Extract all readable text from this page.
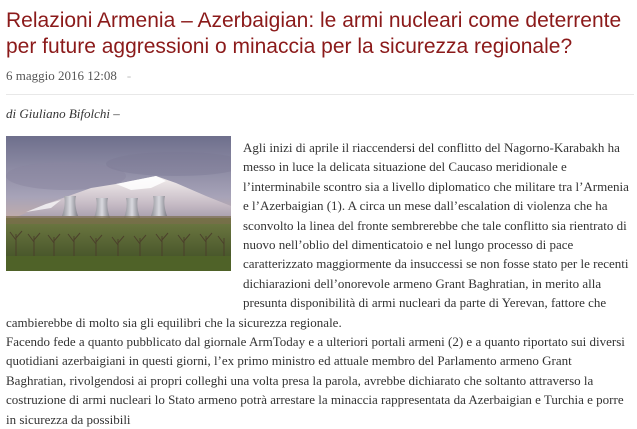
Relazioni Armenia – Azerbaigian: le armi nucleari come deterrente per future aggressioni o minaccia per la sicurezza regionale?
6 maggio 2016 12:08 -
di Giuliano Bifolchi –
Agli inizi di aprile il riaccendersi del conflitto del Nagorno-Karabakh ha messo in luce la delicata situazione del Caucaso meridionale e l’interminabile scontro sia a livello diplomatico che militare tra l’Armenia e l’Azerbaigian (1). A circa un mese dall’escalation di violenza che ha sconvolto la linea del fronte sembrerebbe che tale conflitto sia rientrato di nuovo nell’oblio del dimenticatoio e nel lungo processo di pace caratterizzato maggiormente da insuccessi se non fosse stato per le recenti dichiarazioni dell’onorevole armeno Grant Baghratian, in merito alla presunta disponibilità di armi nucleari da parte di Yerevan, fattore che cambierebbe di molto sia gli equilibri che la sicurezza regionale.

Facendo fede a quanto pubblicato dal giornale ArmToday e a ulteriori portali armeni (2) e a quanto riportato sui diversi quotidiani azerbaigiani in questi giorni, l’ex primo ministro ed attuale membro del Parlamento armeno Grant Baghratian, rivolgendosi ai propri colleghi una volta presa la parola, avrebbe dichiarato che soltanto attraverso la costruzione di armi nucleari lo Stato armeno potrà arrestare la minaccia rappresentata da Azerbaigian e Turchia e porre in sicurezza da possibili
